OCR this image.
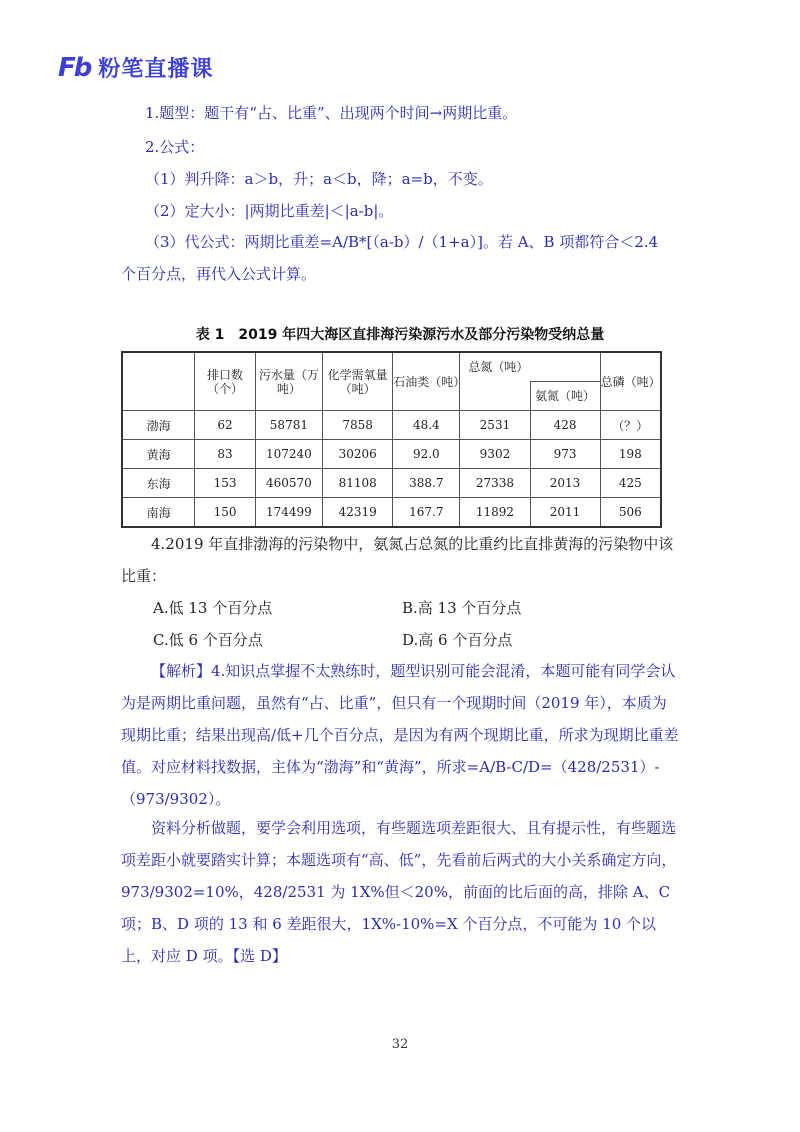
Fb 粉笔直播课
1.题型：题干有“占、比重”、出现两个时间→两期比重。
2.公式：
（1）判升降：a＞b，升；a＜b，降；a=b，不变。
（2）定大小：|两期比重差|＜|a-b|。
（3）代公式：两期比重差=A/B*[（a-b）/（1+a）]。若 A、B 项都符合＜2.4
个百分点，再代入公式计算。
表 1　2019 年四大海区直排海污染源污水及部分污染物受纳总量
	排口数（个）	污水量（万吨）	化学需氧量（吨）	石油类（吨）	总氮（吨）		总磷（吨）
						氨氮（吨）	
渤海	62	58781	7858	48.4	2531	428	（？）
黄海	83	107240	30206	92.0	9302	973	198
东海	153	460570	81108	388.7	27338	2013	425
南海	150	174499	42319	167.7	11892	2011	506
4.2019 年直排渤海的污染物中，氨氮占总氮的比重约比直排黄海的污染物中该比重：
A.低 13 个百分点	B.高 13 个百分点
C.低 6 个百分点	D.高 6 个百分点
【解析】4.知识点掌握不太熟练时，题型识别可能会混淆，本题可能有同学会认为是两期比重问题，虽然有“占、比重”，但只有一个现期时间（2019 年），本质为现期比重；结果出现高/低+几个百分点，是因为有两个现期比重，所求为现期比重差值。对应材料找数据，主体为“渤海”和“黄海”，所求=A/B-C/D=（428/2531）-（973/9302）。
资料分析做题，要学会利用选项，有些题选项差距很大、且有提示性，有些题选项差距小就要踏实计算；本题选项有“高、低”，先看前后两式的大小关系确定方向，973/9302=10%，428/2531 为 1X%但＜20%，前面的比后面的高，排除 A、C 项；B、D 项的 13 和 6 差距很大，1X%-10%=X 个百分点，不可能为 10 个以上，对应 D 项。【选 D】
32
